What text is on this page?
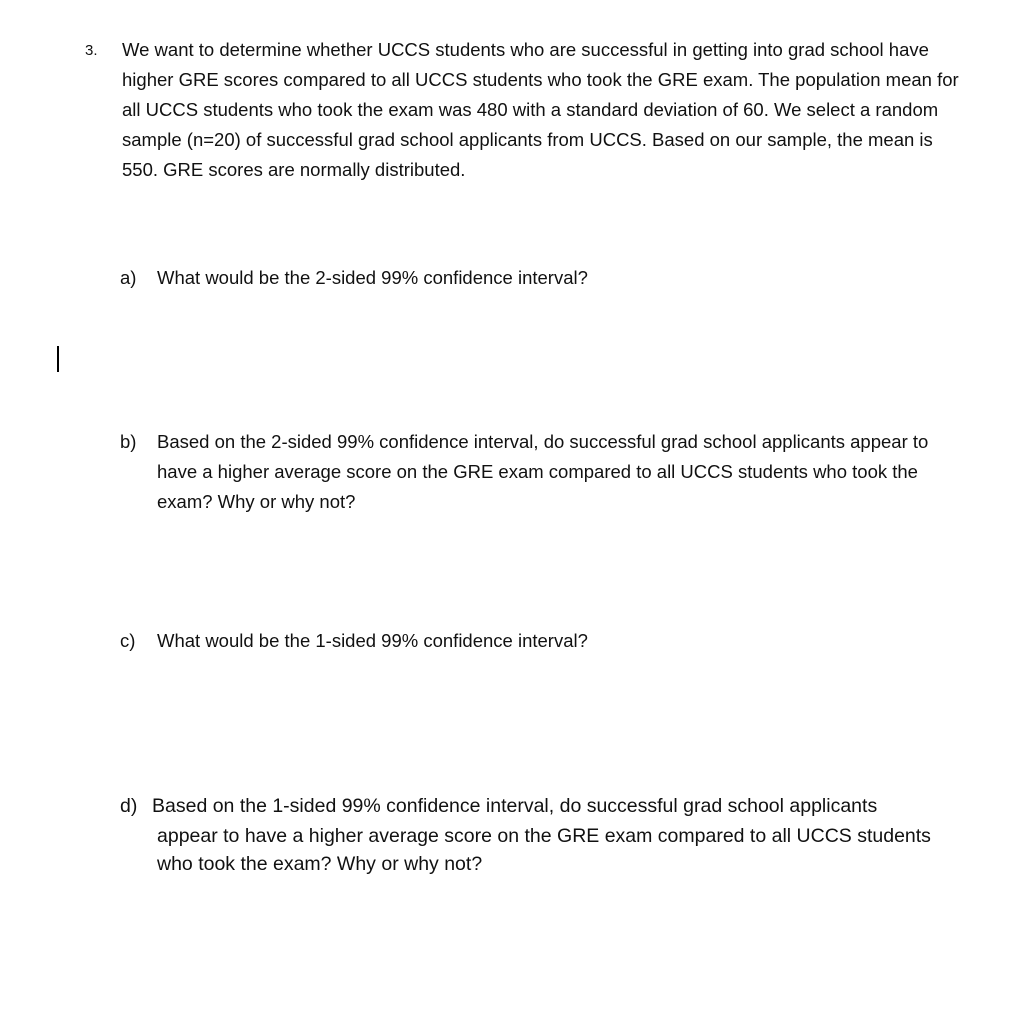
3. We want to determine whether UCCS students who are successful in getting into grad school have
higher GRE scores compared to all UCCS students who took the GRE exam. The population mean for
all UCCS students who took the exam was 480 with a standard deviation of 60. We select a random
sample (n=20) of successful grad school applicants from UCCS. Based on our sample, the mean is
550. GRE scores are normally distributed.
a) What would be the 2-sided 99% confidence interval?
b) Based on the 2-sided 99% confidence interval, do successful grad school applicants appear to
have a higher average score on the GRE exam compared to all UCCS students who took the
exam? Why or why not?
c) What would be the 1-sided 99% confidence interval?
d) Based on the 1-sided 99% confidence interval, do successful grad school applicants
appear to have a higher average score on the GRE exam compared to all UCCS students
who took the exam? Why or why not?
